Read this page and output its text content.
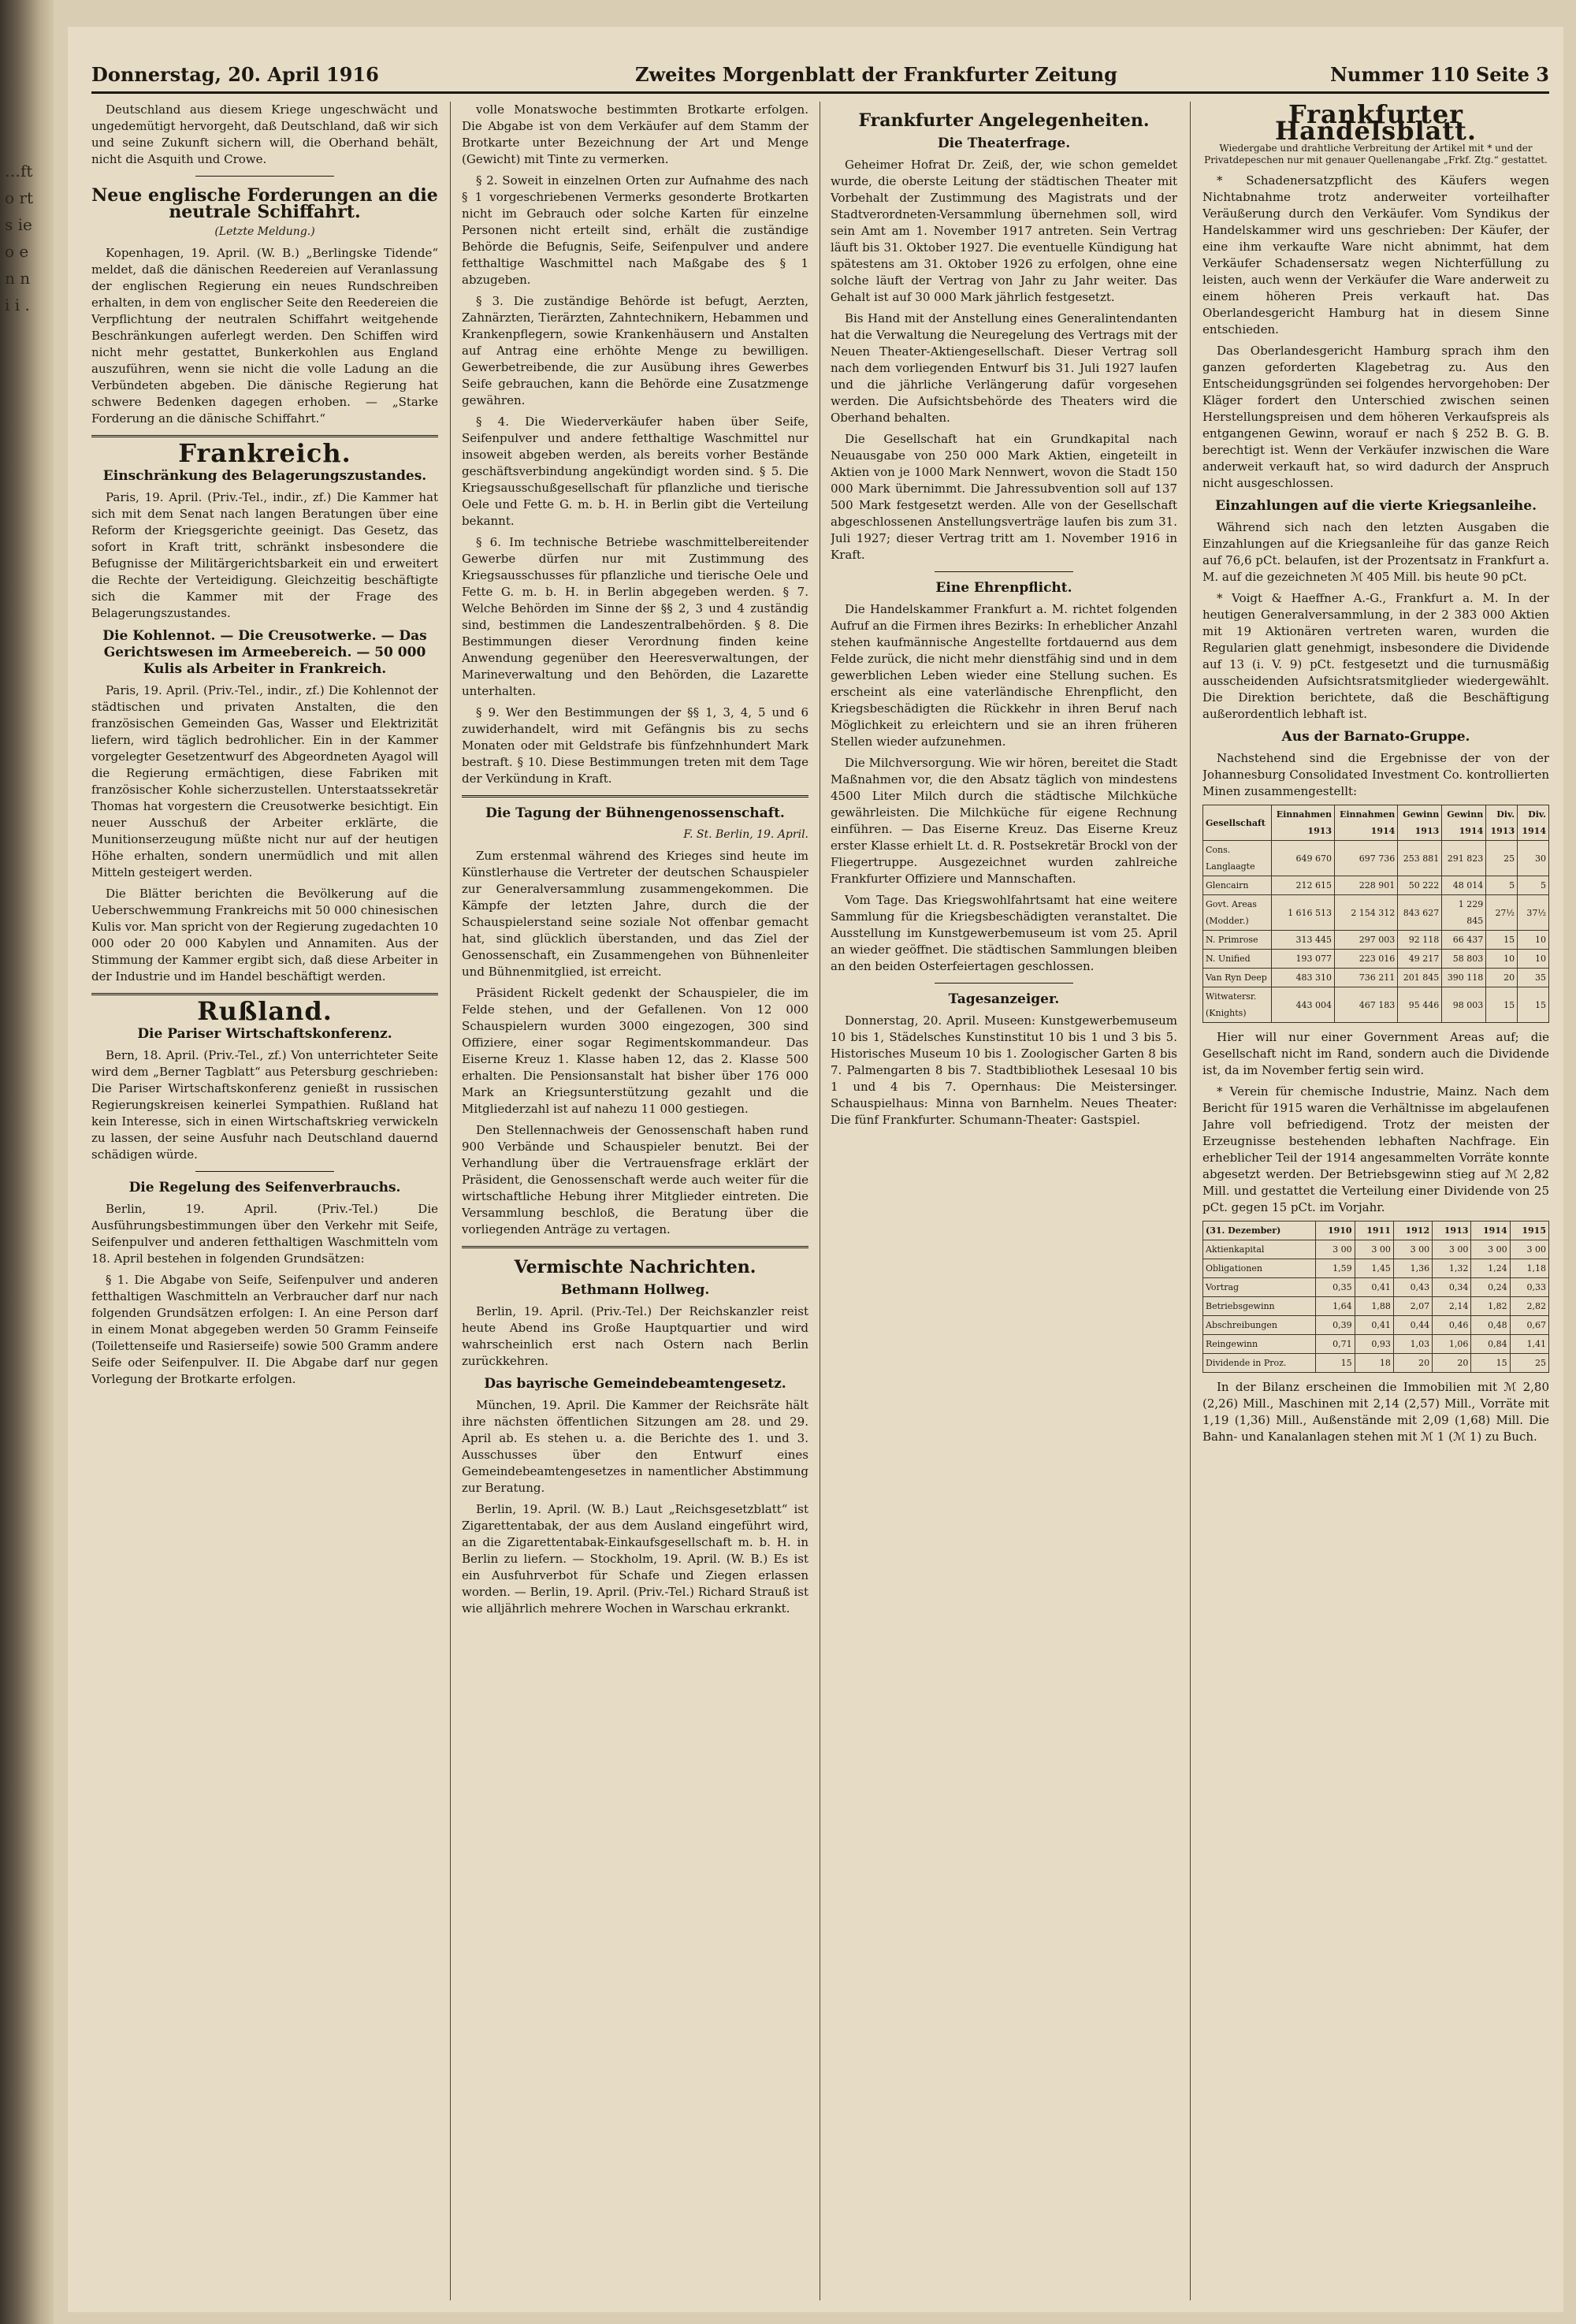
…ft o rt s ie o e n n i i .
Donnerstag, 20. April 1916	Zweites Morgenblatt der Frankfurter Zeitung	Nummer 110 Seite 3

Deutschland aus diesem Kriege ungeschwächt und ungedemütigt hervorgeht, daß Deutschland, daß wir sich und seine Zukunft sichern will, die Oberhand behält, nicht die Asquith und Crowe.

Neue englische Forderungen an die neutrale Schiffahrt.
(Letzte Meldung.)

Kopenhagen, 19. April. (W. B.) „Berlingske Tidende“ meldet, daß die dänischen Reedereien auf Veranlassung der englischen Regierung ein neues Rundschreiben erhalten, in dem von englischer Seite den Reedereien die Verpflichtung der neutralen Schiffahrt weitgehende Beschränkungen auferlegt werden. Den Schiffen wird nicht mehr gestattet, Bunkerkohlen aus England auszuführen, wenn sie nicht die volle Ladung an die Verbündeten abgeben. Die dänische Regierung hat schwere Bedenken dagegen erhoben. — „Starke Forderung an die dänische Schiffahrt.“

Frankreich.
Einschränkung des Belagerungszustandes.

Paris, 19. April. (Priv.-Tel., indir., zf.) Die Kammer hat sich mit dem Senat nach langen Beratungen über eine Reform der Kriegsgerichte geeinigt. Das Gesetz, das sofort in Kraft tritt, schränkt insbesondere die Befugnisse der Militärgerichtsbarkeit ein und erweitert die Rechte der Verteidigung. Gleichzeitig beschäftigte sich die Kammer mit der Frage des Belagerungszustandes.

Die Kohlennot. — Die Creusotwerke. — Das Gerichtswesen im Armeebereich. — 50 000 Kulis als Arbeiter in Frankreich.

Paris, 19. April. (Priv.-Tel., indir., zf.) Die Kohlennot der städtischen und privaten Anstalten, die den französischen Gemeinden Gas, Wasser und Elektrizität liefern, wird täglich bedrohlicher. Ein in der Kammer vorgelegter Gesetzentwurf des Abgeordneten Ayagol will die Regierung ermächtigen, diese Fabriken mit französischer Kohle sicherzustellen. Unterstaatssekretär Thomas hat vorgestern die Creusotwerke besichtigt. Ein neuer Ausschuß der Arbeiter erklärte, die Munitionserzeugung müßte nicht nur auf der heutigen Höhe erhalten, sondern unermüdlich und mit allen Mitteln gesteigert werden.

Die Blätter berichten die Bevölkerung auf die Ueberschwemmung Frankreichs mit 50 000 chinesischen Kulis vor. Man spricht von der Regierung zugedachten 10 000 oder 20 000 Kabylen und Annamiten. Aus der Stimmung der Kammer ergibt sich, daß diese Arbeiter in der Industrie und im Handel beschäftigt werden.

Rußland.
Die Pariser Wirtschaftskonferenz.

Bern, 18. April. (Priv.-Tel., zf.) Von unterrichteter Seite wird dem „Berner Tagblatt“ aus Petersburg geschrieben: Die Pariser Wirtschaftskonferenz genießt in russischen Regierungskreisen keinerlei Sympathien. Rußland hat kein Interesse, sich in einen Wirtschaftskrieg verwickeln zu lassen, der seine Ausfuhr nach Deutschland dauernd schädigen würde.

Die Regelung des Seifenverbrauchs.

Berlin, 19. April. (Priv.-Tel.) Die Ausführungsbestimmungen über den Verkehr mit Seife, Seifenpulver und anderen fetthaltigen Waschmitteln vom 18. April bestehen in folgenden Grundsätzen:

§ 1. Die Abgabe von Seife, Seifenpulver und anderen fetthaltigen Waschmitteln an Verbraucher darf nur nach folgenden Grundsätzen erfolgen: I. An eine Person darf in einem Monat abgegeben werden 50 Gramm Feinseife (Toilettenseife und Rasierseife) sowie 500 Gramm andere Seife oder Seifenpulver. II. Die Abgabe darf nur gegen Vorlegung der Brotkarte erfolgen.

volle Monatswoche bestimmten Brotkarte erfolgen. Die Abgabe ist von dem Verkäufer auf dem Stamm der Brotkarte unter Bezeichnung der Art und Menge (Gewicht) mit Tinte zu vermerken.

§ 2. Soweit in einzelnen Orten zur Aufnahme des nach § 1 vorgeschriebenen Vermerks gesonderte Brotkarten nicht im Gebrauch oder solche Karten für einzelne Personen nicht erteilt sind, erhält die zuständige Behörde die Befugnis, Seife, Seifenpulver und andere fetthaltige Waschmittel nach Maßgabe des § 1 abzugeben.

§ 3. Die zuständige Behörde ist befugt, Aerzten, Zahnärzten, Tierärzten, Zahntechnikern, Hebammen und Krankenpflegern, sowie Krankenhäusern und Anstalten auf Antrag eine erhöhte Menge zu bewilligen. Gewerbetreibende, die zur Ausübung ihres Gewerbes Seife gebrauchen, kann die Behörde eine Zusatzmenge gewähren.

§ 4. Die Wiederverkäufer haben über Seife, Seifenpulver und andere fetthaltige Waschmittel nur insoweit abgeben werden, als bereits vorher Bestände geschäftsverbindung angekündigt worden sind. § 5. Die Kriegsausschußgesellschaft für pflanzliche und tierische Oele und Fette G. m. b. H. in Berlin gibt die Verteilung bekannt.

§ 6. Im technische Betriebe waschmittelbereitender Gewerbe dürfen nur mit Zustimmung des Kriegsausschusses für pflanzliche und tierische Oele und Fette G. m. b. H. in Berlin abgegeben werden. § 7. Welche Behörden im Sinne der §§ 2, 3 und 4 zuständig sind, bestimmen die Landeszentralbehörden. § 8. Die Bestimmungen dieser Verordnung finden keine Anwendung gegenüber den Heeresverwaltungen, der Marineverwaltung und den Behörden, die Lazarette unterhalten.

§ 9. Wer den Bestimmungen der §§ 1, 3, 4, 5 und 6 zuwiderhandelt, wird mit Gefängnis bis zu sechs Monaten oder mit Geldstrafe bis fünfzehnhundert Mark bestraft. § 10. Diese Bestimmungen treten mit dem Tage der Verkündung in Kraft.

Die Tagung der Bühnengenossenschaft.
F. St. Berlin, 19. April.

Zum erstenmal während des Krieges sind heute im Künstlerhause die Vertreter der deutschen Schauspieler zur Generalversammlung zusammengekommen. Die Kämpfe der letzten Jahre, durch die der Schauspielerstand seine soziale Not offenbar gemacht hat, sind glücklich überstanden, und das Ziel der Genossenschaft, ein Zusammengehen von Bühnenleiter und Bühnenmitglied, ist erreicht.

Präsident Rickelt gedenkt der Schauspieler, die im Felde stehen, und der Gefallenen. Von 12 000 Schauspielern wurden 3000 eingezogen, 300 sind Offiziere, einer sogar Regimentskommandeur. Das Eiserne Kreuz 1. Klasse haben 12, das 2. Klasse 500 erhalten. Die Pensionsanstalt hat bisher über 176 000 Mark an Kriegsunterstützung gezahlt und die Mitgliederzahl ist auf nahezu 11 000 gestiegen.

Den Stellennachweis der Genossenschaft haben rund 900 Verbände und Schauspieler benutzt. Bei der Verhandlung über die Vertrauensfrage erklärt der Präsident, die Genossenschaft werde auch weiter für die wirtschaftliche Hebung ihrer Mitglieder eintreten. Die Versammlung beschloß, die Beratung über die vorliegenden Anträge zu vertagen.

Vermischte Nachrichten.
Bethmann Hollweg.

Berlin, 19. April. (Priv.-Tel.) Der Reichskanzler reist heute Abend ins Große Hauptquartier und wird wahrscheinlich erst nach Ostern nach Berlin zurückkehren.

Das bayrische Gemeindebeamtengesetz.

München, 19. April. Die Kammer der Reichsräte hält ihre nächsten öffentlichen Sitzungen am 28. und 29. April ab. Es stehen u. a. die Berichte des 1. und 3. Ausschusses über den Entwurf eines Gemeindebeamtengesetzes in namentlicher Abstimmung zur Beratung.

Berlin, 19. April. (W. B.) Laut „Reichsgesetzblatt“ ist Zigarettentabak, der aus dem Ausland eingeführt wird, an die Zigarettentabak-Einkaufsgesellschaft m. b. H. in Berlin zu liefern. — Stockholm, 19. April. (W. B.) Es ist ein Ausfuhrverbot für Schafe und Ziegen erlassen worden. — Berlin, 19. April. (Priv.-Tel.) Richard Strauß ist wie alljährlich mehrere Wochen in Warschau erkrankt.

Frankfurter Angelegenheiten.
Die Theaterfrage.

Geheimer Hofrat Dr. Zeiß, der, wie schon gemeldet wurde, die oberste Leitung der städtischen Theater mit Vorbehalt der Zustimmung des Magistrats und der Stadtverordneten-Versammlung übernehmen soll, wird sein Amt am 1. November 1917 antreten. Sein Vertrag läuft bis 31. Oktober 1927. Die eventuelle Kündigung hat spätestens am 31. Oktober 1926 zu erfolgen, ohne eine solche läuft der Vertrag von Jahr zu Jahr weiter. Das Gehalt ist auf 30 000 Mark jährlich festgesetzt.

Bis Hand mit der Anstellung eines Generalintendanten hat die Verwaltung die Neuregelung des Vertrags mit der Neuen Theater-Aktiengesellschaft. Dieser Vertrag soll nach dem vorliegenden Entwurf bis 31. Juli 1927 laufen und die jährliche Verlängerung dafür vorgesehen werden. Die Aufsichtsbehörde des Theaters wird die Oberhand behalten.

Die Gesellschaft hat ein Grundkapital nach Neuausgabe von 250 000 Mark Aktien, eingeteilt in Aktien von je 1000 Mark Nennwert, wovon die Stadt 150 000 Mark übernimmt. Die Jahressubvention soll auf 137 500 Mark festgesetzt werden. Alle von der Gesellschaft abgeschlossenen Anstellungsverträge laufen bis zum 31. Juli 1927; dieser Vertrag tritt am 1. November 1916 in Kraft.

Eine Ehrenpflicht.

Die Handelskammer Frankfurt a. M. richtet folgenden Aufruf an die Firmen ihres Bezirks: In erheblicher Anzahl stehen kaufmännische Angestellte fortdauernd aus dem Felde zurück, die nicht mehr dienstfähig sind und in dem gewerblichen Leben wieder eine Stellung suchen. Es erscheint als eine vaterländische Ehrenpflicht, den Kriegsbeschädigten die Rückkehr in ihren Beruf nach Möglichkeit zu erleichtern und sie an ihren früheren Stellen wieder aufzunehmen.

Die Milchversorgung. Wie wir hören, bereitet die Stadt Maßnahmen vor, die den Absatz täglich von mindestens 4500 Liter Milch durch die städtische Milchküche gewährleisten. Die Milchküche für eigene Rechnung einführen. — Das Eiserne Kreuz. Das Eiserne Kreuz erster Klasse erhielt Lt. d. R. Postsekretär Brockl von der Fliegertruppe. Ausgezeichnet wurden zahlreiche Frankfurter Offiziere und Mannschaften.

Vom Tage. Das Kriegswohlfahrtsamt hat eine weitere Sammlung für die Kriegsbeschädigten veranstaltet. Die Ausstellung im Kunstgewerbemuseum ist vom 25. April an wieder geöffnet. Die städtischen Sammlungen bleiben an den beiden Osterfeiertagen geschlossen.

Tagesanzeiger.

Donnerstag, 20. April. Museen: Kunstgewerbemuseum 10 bis 1, Städelsches Kunstinstitut 10 bis 1 und 3 bis 5. Historisches Museum 10 bis 1. Zoologischer Garten 8 bis 7. Palmengarten 8 bis 7. Stadtbibliothek Lesesaal 10 bis 1 und 4 bis 7. Opernhaus: Die Meistersinger. Schauspielhaus: Minna von Barnhelm. Neues Theater: Die fünf Frankfurter. Schumann-Theater: Gastspiel.

Frankfurter Handelsblatt.
Wiedergabe und drahtliche Verbreitung der Artikel mit * und der Privatdepeschen nur mit genauer Quellenangabe „Frkf. Ztg.“ gestattet.

* Schadenersatzpflicht des Käufers wegen Nichtabnahme trotz anderweiter vorteilhafter Veräußerung durch den Verkäufer. Vom Syndikus der Handelskammer wird uns geschrieben: Der Käufer, der eine ihm verkaufte Ware nicht abnimmt, hat dem Verkäufer Schadensersatz wegen Nichterfüllung zu leisten, auch wenn der Verkäufer die Ware anderweit zu einem höheren Preis verkauft hat. Das Oberlandesgericht Hamburg hat in diesem Sinne entschieden.

Das Oberlandesgericht Hamburg sprach ihm den ganzen geforderten Klagebetrag zu. Aus den Entscheidungsgründen sei folgendes hervorgehoben: Der Kläger fordert den Unterschied zwischen seinen Herstellungspreisen und dem höheren Verkaufspreis als entgangenen Gewinn, worauf er nach § 252 B. G. B. berechtigt ist. Wenn der Verkäufer inzwischen die Ware anderweit verkauft hat, so wird dadurch der Anspruch nicht ausgeschlossen.

Einzahlungen auf die vierte Kriegsanleihe.

Während sich nach den letzten Ausgaben die Einzahlungen auf die Kriegsanleihe für das ganze Reich auf 76,6 pCt. belaufen, ist der Prozentsatz in Frankfurt a. M. auf die gezeichneten ℳ 405 Mill. bis heute 90 pCt.

* Voigt & Haeffner A.-G., Frankfurt a. M. In der heutigen Generalversammlung, in der 2 383 000 Aktien mit 19 Aktionären vertreten waren, wurden die Regularien glatt genehmigt, insbesondere die Dividende auf 13 (i. V. 9) pCt. festgesetzt und die turnusmäßig ausscheidenden Aufsichtsratsmitglieder wiedergewählt. Die Direktion berichtete, daß die Beschäftigung außerordentlich lebhaft ist.

Aus der Barnato-Gruppe.

Nachstehend sind die Ergebnisse der von der Johannesburg Consolidated Investment Co. kontrollierten Minen zusammengestellt:

Gesellschaft	Einnahmen 1913	Einnahmen 1914	Gewinn 1913	Gewinn 1914	Div. 1913	Div. 1914
Cons. Langlaagte	649 670	697 736	253 881	291 823	25	30
Glencairn	212 615	228 901	50 222	48 014	5	5
Govt. Areas (Modder.)	1 616 513	2 154 312	843 627	1 229 845	27½	37½
N. Primrose	313 445	297 003	92 118	66 437	15	10
N. Unified	193 077	223 016	49 217	58 803	10	10
Van Ryn Deep	483 310	736 211	201 845	390 118	20	35
Witwatersr. (Knights)	443 004	467 183	95 446	98 003	15	15

Hier will nur einer Government Areas auf; die Gesellschaft nicht im Rand, sondern auch die Dividende ist, da im November fertig sein wird.

* Verein für chemische Industrie, Mainz. Nach dem Bericht für 1915 waren die Verhältnisse im abgelaufenen Jahre voll befriedigend. Trotz der meisten der Erzeugnisse bestehenden lebhaften Nachfrage. Ein erheblicher Teil der 1914 angesammelten Vorräte konnte abgesetzt werden. Der Betriebsgewinn stieg auf ℳ 2,82 Mill. und gestattet die Verteilung einer Dividende von 25 pCt. gegen 15 pCt. im Vorjahr.

(31. Dezember)	1910	1911	1912	1913	1914	1915
Aktienkapital	3 00	3 00	3 00	3 00	3 00	3 00
Obligationen	1,59	1,45	1,36	1,32	1,24	1,18
Vortrag	0,35	0,41	0,43	0,34	0,24	0,33
Betriebsgewinn	1,64	1,88	2,07	2,14	1,82	2,82
Abschreibungen	0,39	0,41	0,44	0,46	0,48	0,67
Reingewinn	0,71	0,93	1,03	1,06	0,84	1,41
Dividende in Proz.	15	18	20	20	15	25

In der Bilanz erscheinen die Immobilien mit ℳ 2,80 (2,26) Mill., Maschinen mit 2,14 (2,57) Mill., Vorräte mit 1,19 (1,36) Mill., Außenstände mit 2,09 (1,68) Mill. Die Bahn- und Kanalanlagen stehen mit ℳ 1 (ℳ 1) zu Buch.
